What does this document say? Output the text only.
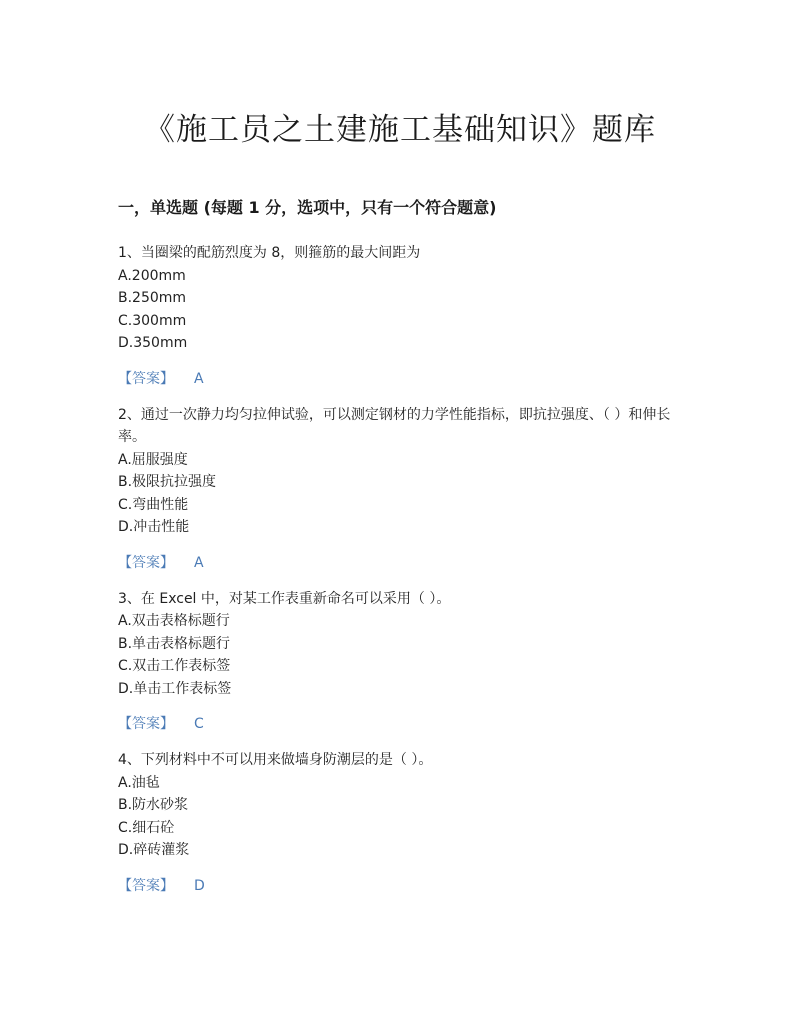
《施工员之土建施工基础知识》题库
一，单选题 (每题 1 分，选项中，只有一个符合题意)

1、当圈梁的配筋烈度为 8，则箍筋的最大间距为

A.200mm

B.250mm

C.300mm

D.350mm

【答案】 A

2、通过一次静力均匀拉伸试验，可以测定钢材的力学性能指标，即抗拉强度、（ ）和伸长率。

A.屈服强度

B.极限抗拉强度

C.弯曲性能

D.冲击性能

【答案】 A

3、在 Excel 中，对某工作表重新命名可以采用（ ）。

A.双击表格标题行

B.单击表格标题行

C.双击工作表标签

D.单击工作表标签

【答案】 C

4、下列材料中不可以用来做墙身防潮层的是（ ）。

A.油毡

B.防水砂浆

C.细石砼

D.碎砖灌浆

【答案】 D
